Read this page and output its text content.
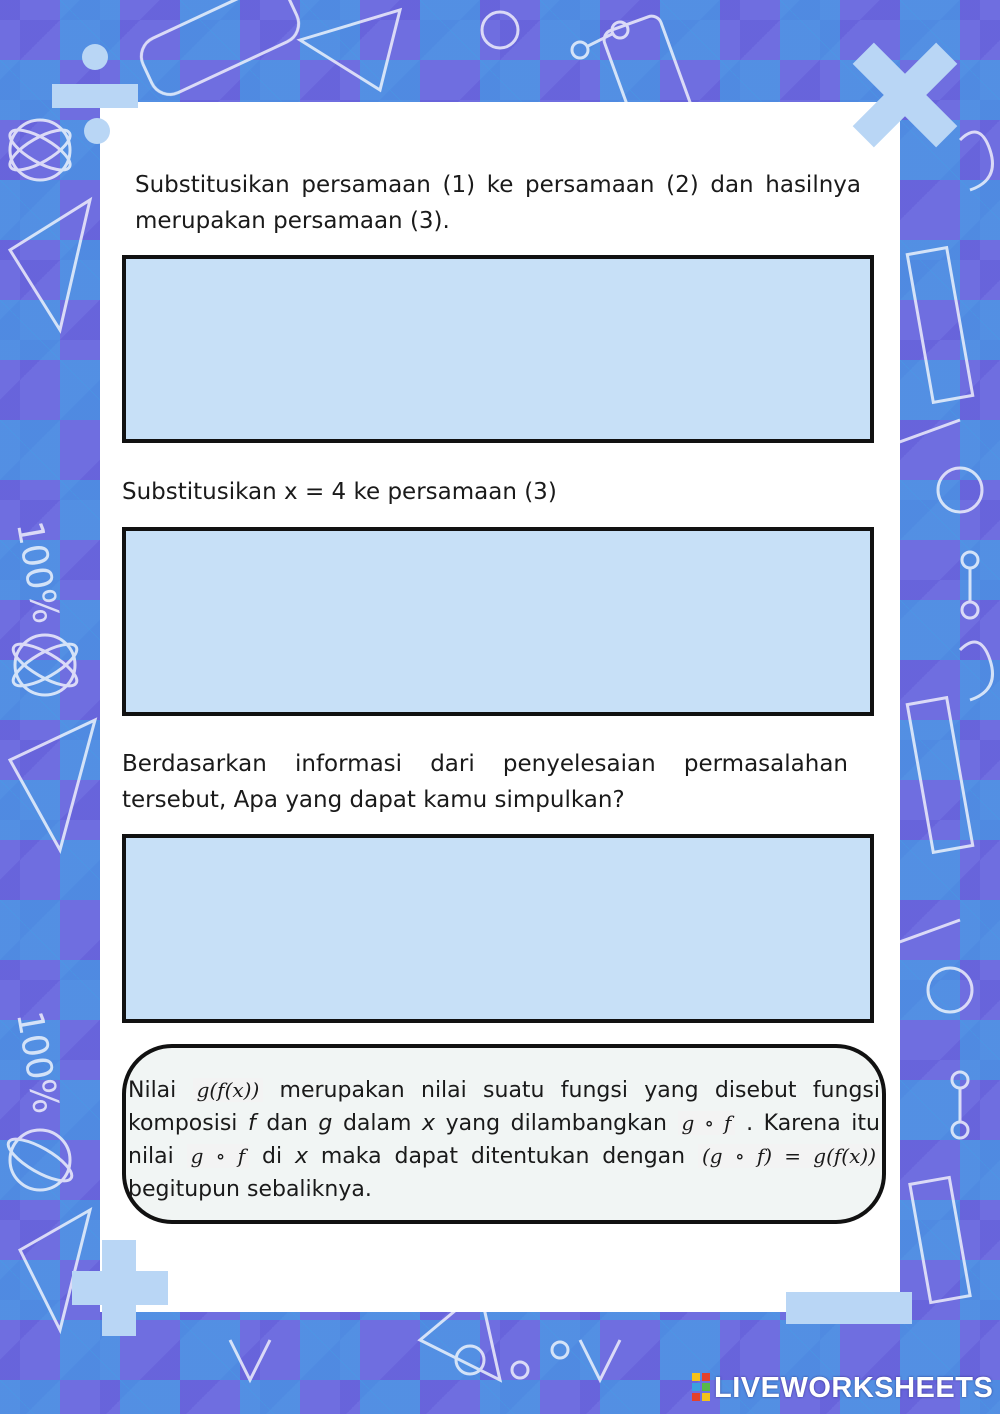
100%
100%
Substitusikan persamaan (1) ke persamaan (2) dan hasilnya merupakan persamaan (3).
Substitusikan x = 4 ke persamaan (3)
Berdasarkan informasi dari penyelesaian permasalahan tersebut, Apa yang dapat kamu simpulkan?
Nilai g(f(x)) merupakan nilai suatu fungsi yang disebut fungsi komposisi f dan g dalam x yang dilambangkan g ∘ f . Karena itu nilai g ∘ f di x maka dapat ditentukan dengan (g ∘ f) = g(f(x)) begitupun sebaliknya.
LIVEWORKSHEETS
